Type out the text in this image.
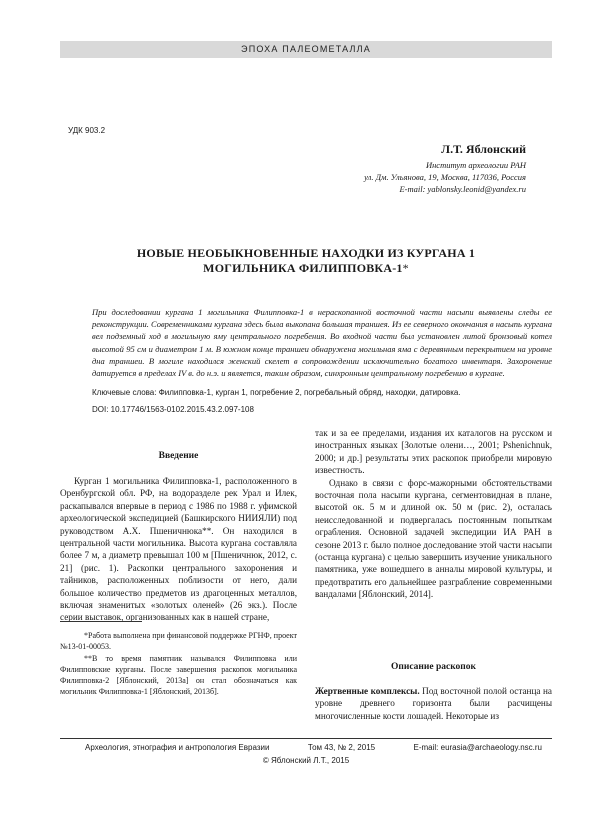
ЭПОХА ПАЛЕОМЕТАЛЛА
УДК 903.2
Л.Т. Яблонский
Институт археологии РАН
ул. Дм. Ульянова, 19, Москва, 117036, Россия
E-mail: yablonsky.leonid@yandex.ru
НОВЫЕ НЕОБЫКНОВЕННЫЕ НАХОДКИ ИЗ КУРГАНА 1
МОГИЛЬНИКА ФИЛИППОВКА-1*
При доследовании кургана 1 могильника Филипповка-1 в нераскопанной восточной части насыпи выявлены следы ее реконструкции. Современниками кургана здесь была выкопана большая траншея. Из ее северного окончания в насыпь кургана вел подземный ход в могильную яму центрального погребения. Во входной части был установлен литой бронзовый котел высотой 95 см и диаметром 1 м. В южном конце траншеи обнаружена могильная яма с деревянным перекрытием на уровне дна траншеи. В могиле находился женский скелет в сопровождении исключительно богатого инвентаря. Захоронение датируется в пределах IV в. до н.э. и является, таким образом, синхронным центральному погребению в кургане.
Ключевые слова: Филипповка-1, курган 1, погребение 2, погребальный обряд, находки, датировка.
DOI: 10.17746/1563-0102.2015.43.2.097-108
Введение

Курган 1 могильника Филипповка-1, расположенного в Оренбургской обл. РФ, на водоразделе рек Урал и Илек, раскапывался впервые в период с 1986 по 1988 г. уфимской археологической экспедицией (Башкирского НИИЯЛИ) под руководством А.Х. Пшеничнюка**. Он находился в центральной части могильника. Высота кургана составляла более 7 м, а диаметр превышал 100 м [Пшеничнюк, 2012, с. 21] (рис. 1). Раскопки центрального захоронения и тайников, расположенных поблизости от него, дали большое количество предметов из драгоценных металлов, включая знаменитых «золотых оленей» (26 экз.). После серии выставок, организованных как в нашей стране,

*Работа выполнена при финансовой поддержке РГНФ, проект №13-01-00053.

**В то время памятник назывался Филипповка или Филипповские курганы. После завершения раскопок могильника Филипповка-2 [Яблонский, 2013а] он стал обозначаться как могильник Филипповка-1 [Яблонский, 2013б].

так и за ее пределами, издания их каталогов на русском и иностранных языках [Золотые олени…, 2001; Pshenichnuk, 2000; и др.] результаты этих раскопок приобрели мировую известность.

Однако в связи с форс-мажорными обстоятельствами восточная пола насыпи кургана, сегментовидная в плане, высотой ок. 5 м и длиной ок. 50 м (рис. 2), осталась неисследованной и подвергалась постоянным попыткам ограбления. Основной задачей экспедиции ИА РАН в сезоне 2013 г. было полное доследование этой части насыпи (останца кургана) с целью завершить изучение уникального памятника, уже вошедшего в анналы мировой культуры, и предотвратить его дальнейшее разграбление современными вандалами [Яблонский, 2014].

Описание раскопок

Жертвенные комплексы. Под восточной полой останца на уровне древнего горизонта были расчищены многочисленные кости лошадей. Некоторые из

Археология, этнография и антропология Евразии	Том 43, № 2, 2015	E-mail: eurasia@archaeology.nsc.ru
© Яблонский Л.Т., 2015
